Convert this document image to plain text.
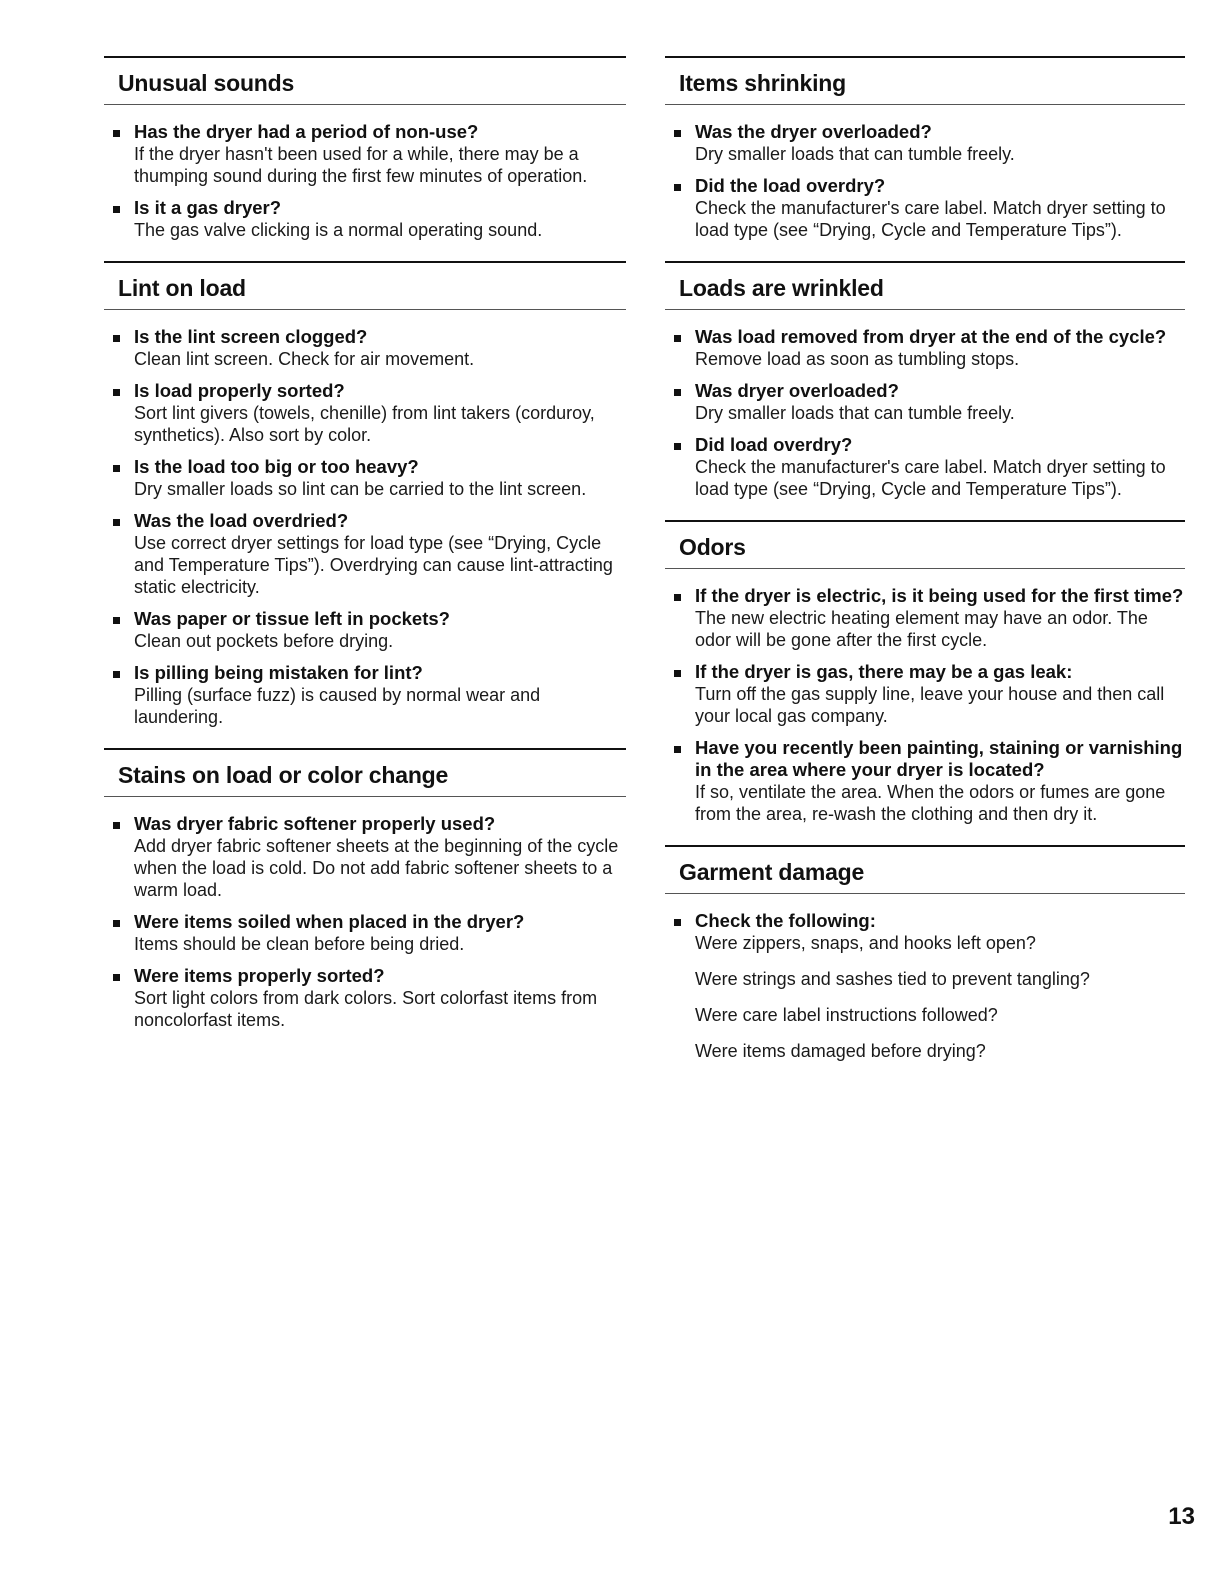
Unusual sounds
Has the dryer had a period of non-use?
If the dryer hasn't been used for a while, there may be a thumping sound during the first few minutes of operation.
Is it a gas dryer?
The gas valve clicking is a normal operating sound.
Lint on load
Is the lint screen clogged?
Clean lint screen. Check for air movement.
Is load properly sorted?
Sort lint givers (towels, chenille) from lint takers (corduroy, synthetics). Also sort by color.
Is the load too big or too heavy?
Dry smaller loads so lint can be carried to the lint screen.
Was the load overdried?
Use correct dryer settings for load type (see “Drying, Cycle and Temperature Tips”). Overdrying can cause lint-attracting static electricity.
Was paper or tissue left in pockets?
Clean out pockets before drying.
Is pilling being mistaken for lint?
Pilling (surface fuzz) is caused by normal wear and laundering.
Stains on load or color change
Was dryer fabric softener properly used?
Add dryer fabric softener sheets at the beginning of the cycle when the load is cold. Do not add fabric softener sheets to a warm load.
Were items soiled when placed in the dryer?
Items should be clean before being dried.
Were items properly sorted?
Sort light colors from dark colors. Sort colorfast items from noncolorfast items.
Items shrinking
Was the dryer overloaded?
Dry smaller loads that can tumble freely.
Did the load overdry?
Check the manufacturer's care label. Match dryer setting to load type (see “Drying, Cycle and Temperature Tips”).
Loads are wrinkled
Was load removed from dryer at the end of the cycle?
Remove load as soon as tumbling stops.
Was dryer overloaded?
Dry smaller loads that can tumble freely.
Did load overdry?
Check the manufacturer's care label. Match dryer setting to load type (see “Drying, Cycle and Temperature Tips”).
Odors
If the dryer is electric, is it being used for the first time?
The new electric heating element may have an odor. The odor will be gone after the first cycle.
If the dryer is gas, there may be a gas leak:
Turn off the gas supply line, leave your house and then call your local gas company.
Have you recently been painting, staining or varnishing in the area where your dryer is located?
If so, ventilate the area. When the odors or fumes are gone from the area, re-wash the clothing and then dry it.
Garment damage
Check the following:
Were zippers, snaps, and hooks left open?
Were strings and sashes tied to prevent tangling?
Were care label instructions followed?
Were items damaged before drying?
13
